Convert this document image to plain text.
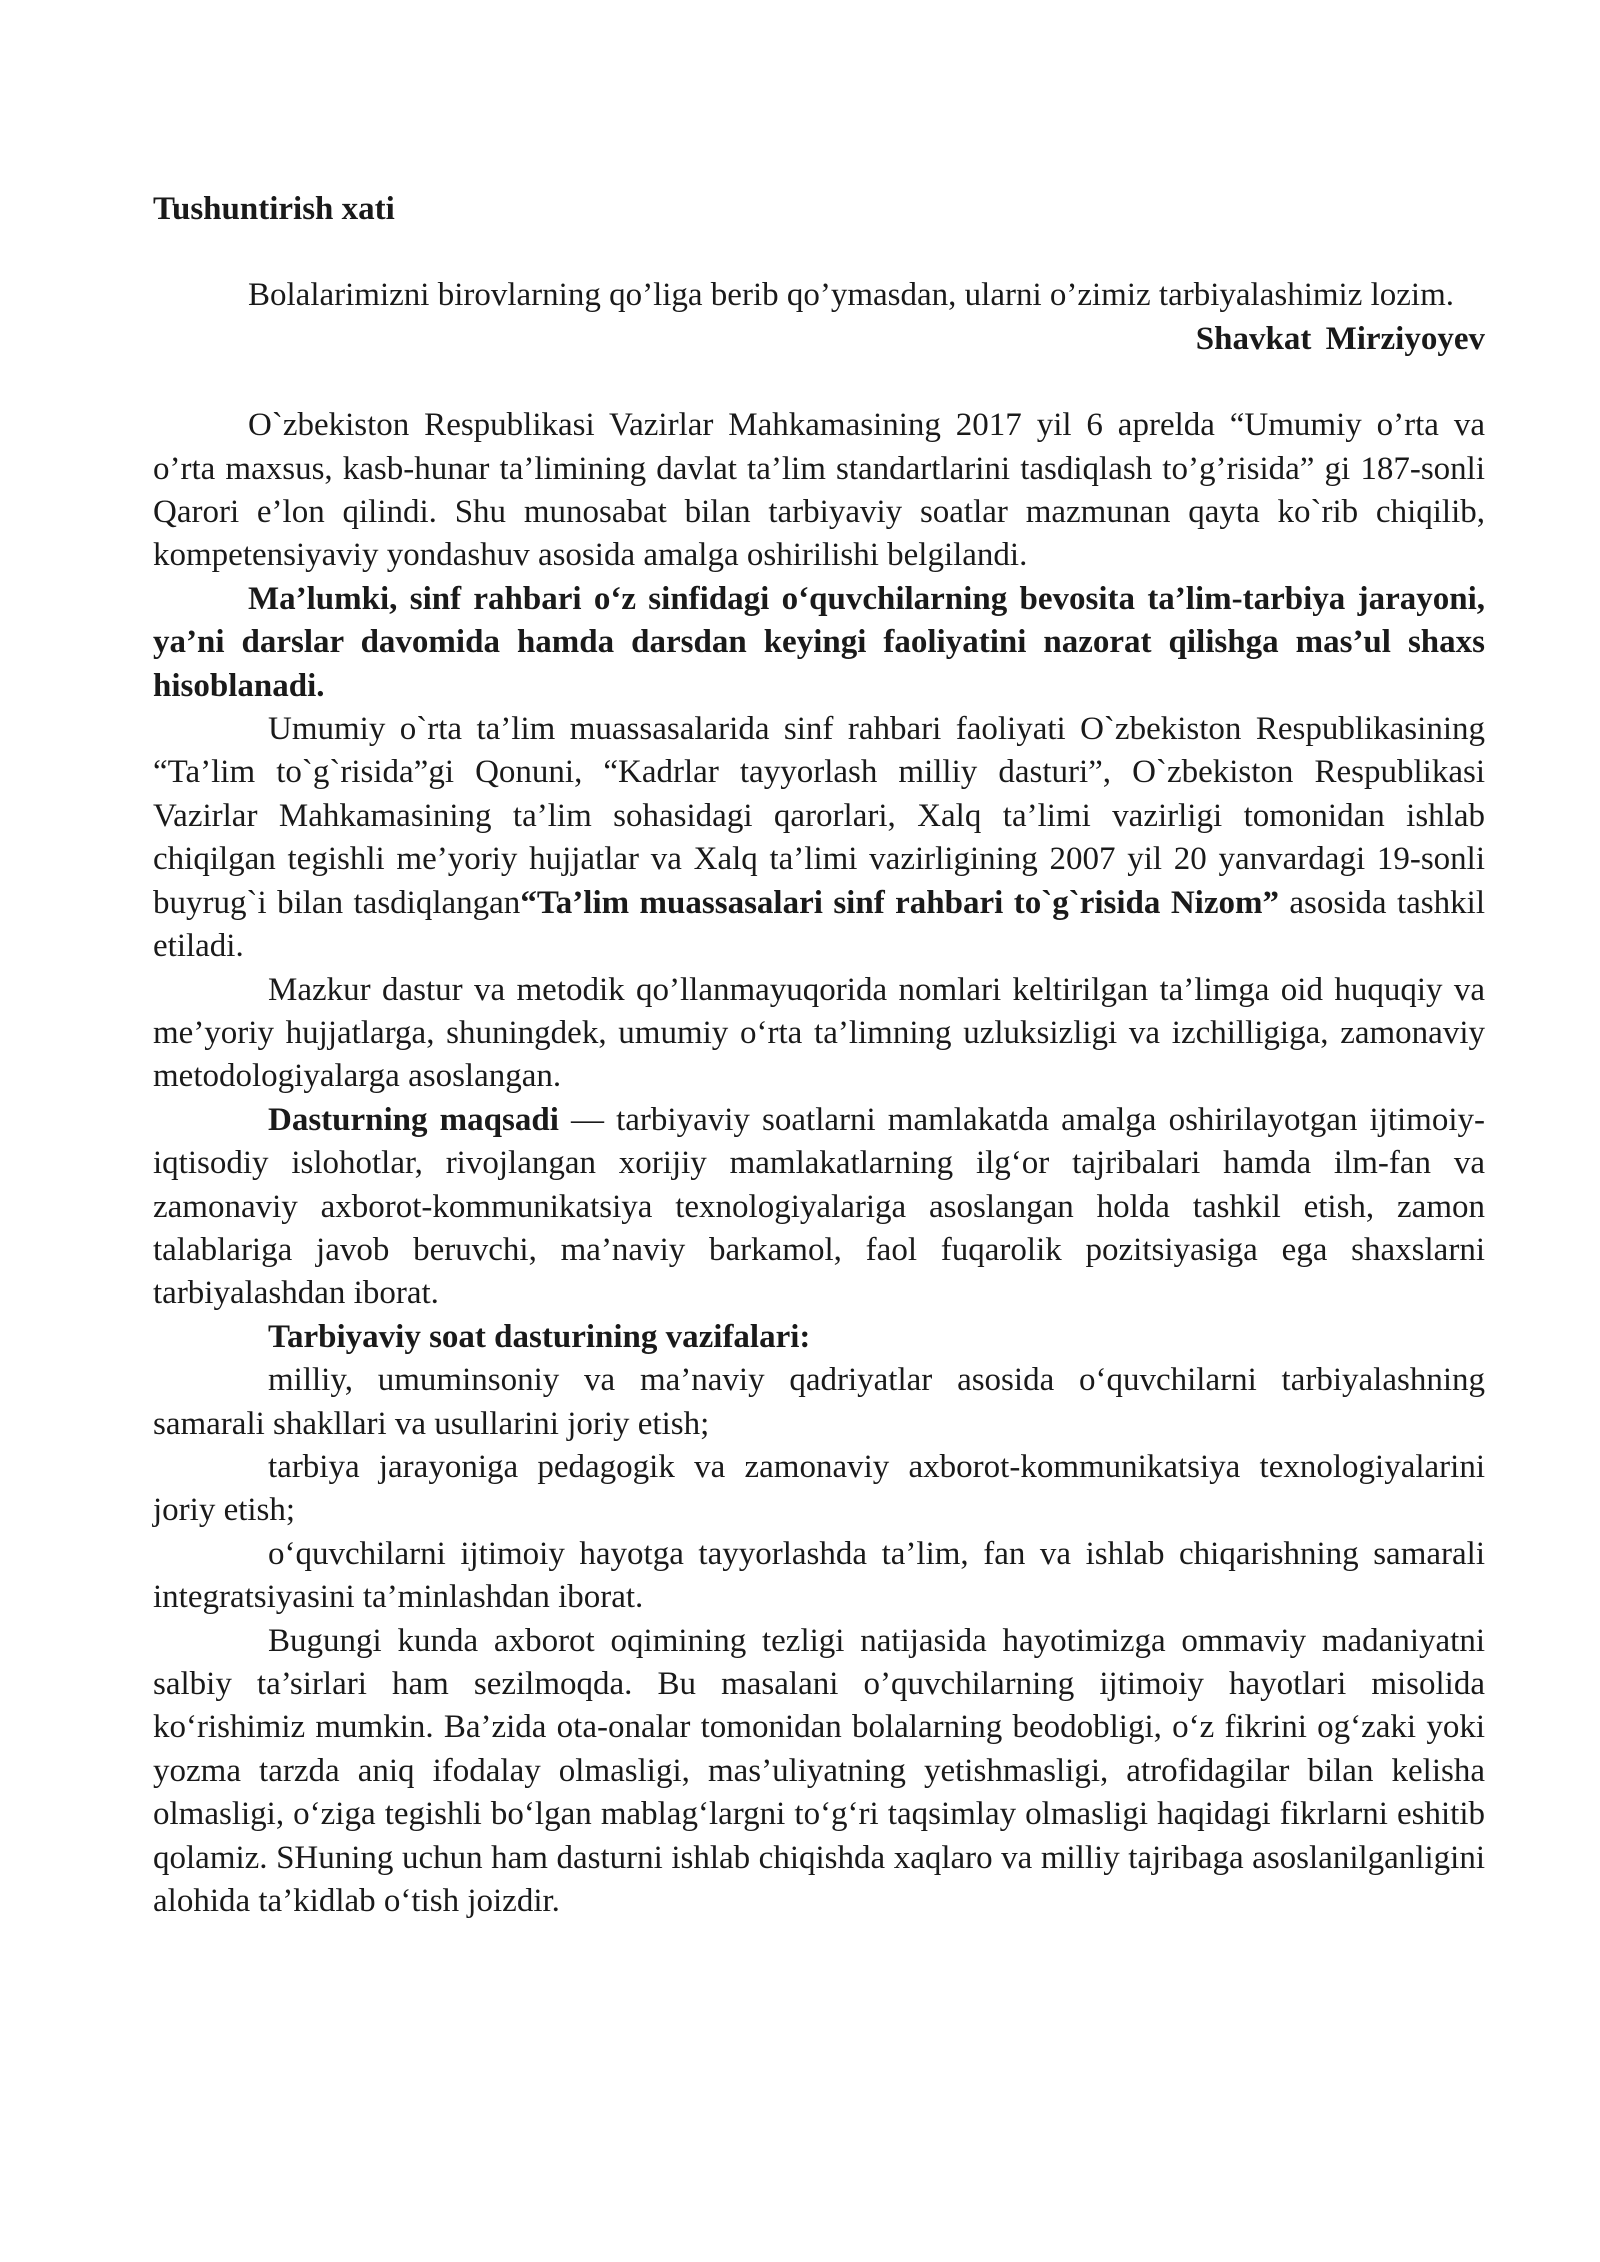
Tushuntirish xati

Bolalarimizni birovlarning qo’liga berib qo’ymasdan, ularni o’zimiz tarbiyalashimiz lozim.

Shavkat Mirziyoyev

O`zbekiston Respublikasi Vazirlar Mahkamasining 2017 yil 6 aprelda “Umumiy o’rta va o’rta maxsus, kasb-hunar ta’limining davlat ta’lim standartlarini tasdiqlash to’g’risida” gi 187-sonli Qarori e’lon qilindi. Shu munosabat bilan tarbiyaviy soatlar mazmunan qayta ko`rib chiqilib, kompetensiyaviy yondashuv asosida amalga oshirilishi belgilandi.

Ma’lumki, sinf rahbari o‘z sinfidagi o‘quvchilarning bevosita ta’lim-tarbiya jarayoni, ya’ni darslar davomida hamda darsdan keyingi faoliyatini nazorat qilishga mas’ul shaxs hisoblanadi.

Umumiy o`rta ta’lim muassasalarida sinf rahbari faoliyati O`zbekiston Respublikasining “Ta’lim to`g`risida”gi Qonuni, “Kadrlar tayyorlash milliy dasturi”, O`zbekiston Respublikasi Vazirlar Mahkamasining ta’lim sohasidagi qarorlari, Xalq ta’limi vazirligi tomonidan ishlab chiqilgan tegishli me’yoriy hujjatlar va Xalq ta’limi vazirligining 2007 yil 20 yanvardagi 19-sonli buyrug`i bilan tasdiqlangan“Ta’lim muassasalari sinf rahbari to`g`risida Nizom” asosida tashkil etiladi.

Mazkur dastur va metodik qo’llanmayuqorida nomlari keltirilgan ta’limga oid huquqiy va me’yoriy hujjatlarga, shuningdek, umumiy o‘rta ta’limning uzluksizligi va izchilligiga, zamonaviy metodologiyalarga asoslangan.

Dasturning maqsadi — tarbiyaviy soatlarni mamlakatda amalga oshirilayotgan ijtimoiy-iqtisodiy islohotlar, rivojlangan xorijiy mamlakatlarning ilg‘or tajribalari hamda ilm-fan va zamonaviy axborot-kommunikatsiya texnologiyalariga asoslangan holda tashkil etish, zamon talablariga javob beruvchi, ma’naviy barkamol, faol fuqarolik pozitsiyasiga ega shaxslarni tarbiyalashdan iborat.

Tarbiyaviy soat dasturining vazifalari:

milliy, umuminsoniy va ma’naviy qadriyatlar asosida o‘quvchilarni tarbiyalashning samarali shakllari va usullarini joriy etish;

tarbiya jarayoniga pedagogik va zamonaviy axborot-kommunikatsiya texnologiyalarini joriy etish;

o‘quvchilarni ijtimoiy hayotga tayyorlashda ta’lim, fan va ishlab chiqarishning samarali integratsiyasini ta’minlashdan iborat.

Bugungi kunda axborot oqimining tezligi natijasida hayotimizga ommaviy madaniyatni salbiy ta’sirlari ham sezilmoqda. Bu masalani o’quvchilarning ijtimoiy hayotlari misolida ko‘rishimiz mumkin. Ba’zida ota-onalar tomonidan bolalarning beodobligi, o‘z fikrini og‘zaki yoki yozma tarzda aniq ifodalay olmasligi, mas’uliyatning yetishmasligi, atrofidagilar bilan kelisha olmasligi, o‘ziga tegishli bo‘lgan mablag‘largni to‘g‘ri taqsimlay olmasligi haqidagi fikrlarni eshitib qolamiz. SHuning uchun ham dasturni ishlab chiqishda xaqlaro va milliy tajribaga asoslanilganligini alohida ta’kidlab o‘tish joizdir.
